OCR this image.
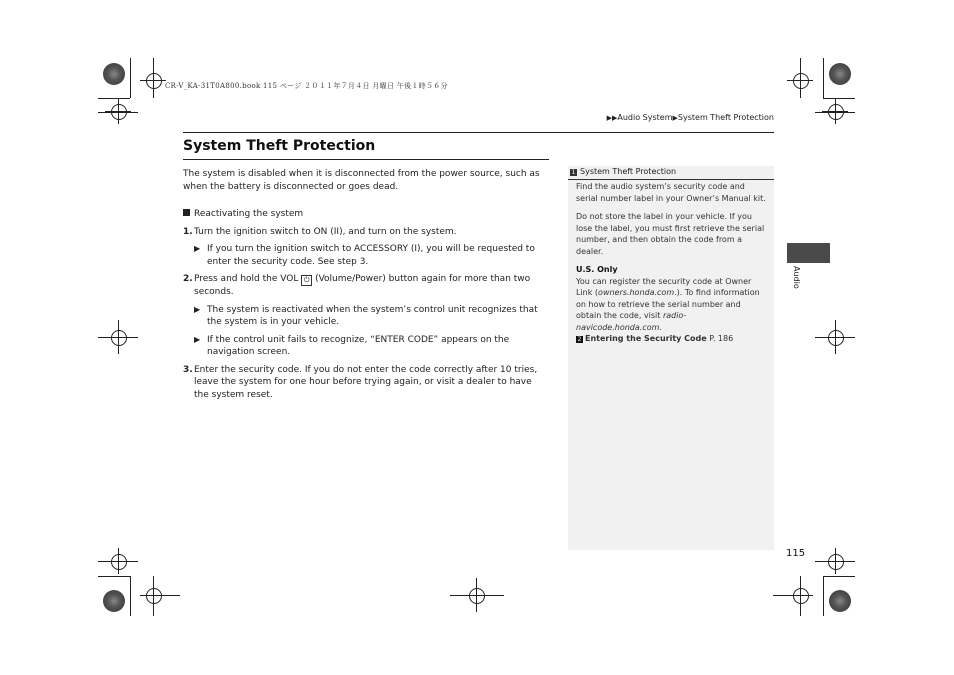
CR-V_KA-31T0A800.book 115 ページ ２０１１年７月４日 月曜日 午後１時５６分
▶▶Audio System▶System Theft Protection
System Theft Protection

The system is disabled when it is disconnected from the power source, such as when the battery is disconnected or goes dead.

Reactivating the system

1. Turn the ignition switch to ON (II), and turn on the system.

▶ If you turn the ignition switch to ACCESSORY (I), you will be requested to enter the security code. See step 3.

2. Press and hold the VOL ⏻ (Volume/Power) button again for more than two seconds.

▶ The system is reactivated when the system’s control unit recognizes that the system is in your vehicle.

▶ If the control unit fails to recognize, “ENTER CODE” appears on the navigation screen.

3. Enter the security code. If you do not enter the code correctly after 10 tries, leave the system for one hour before trying again, or visit a dealer to have the system reset.

1 System Theft Protection

Find the audio system’s security code and serial number label in your Owner’s Manual kit.

Do not store the label in your vehicle. If you lose the label, you must first retrieve the serial number, and then obtain the code from a dealer.

U.S. Only

You can register the security code at Owner Link (owners.honda.com.). To find information on how to retrieve the serial number and obtain the code, visit radio-navicode.honda.com.

2 Entering the Security Code P. 186

Audio
115
